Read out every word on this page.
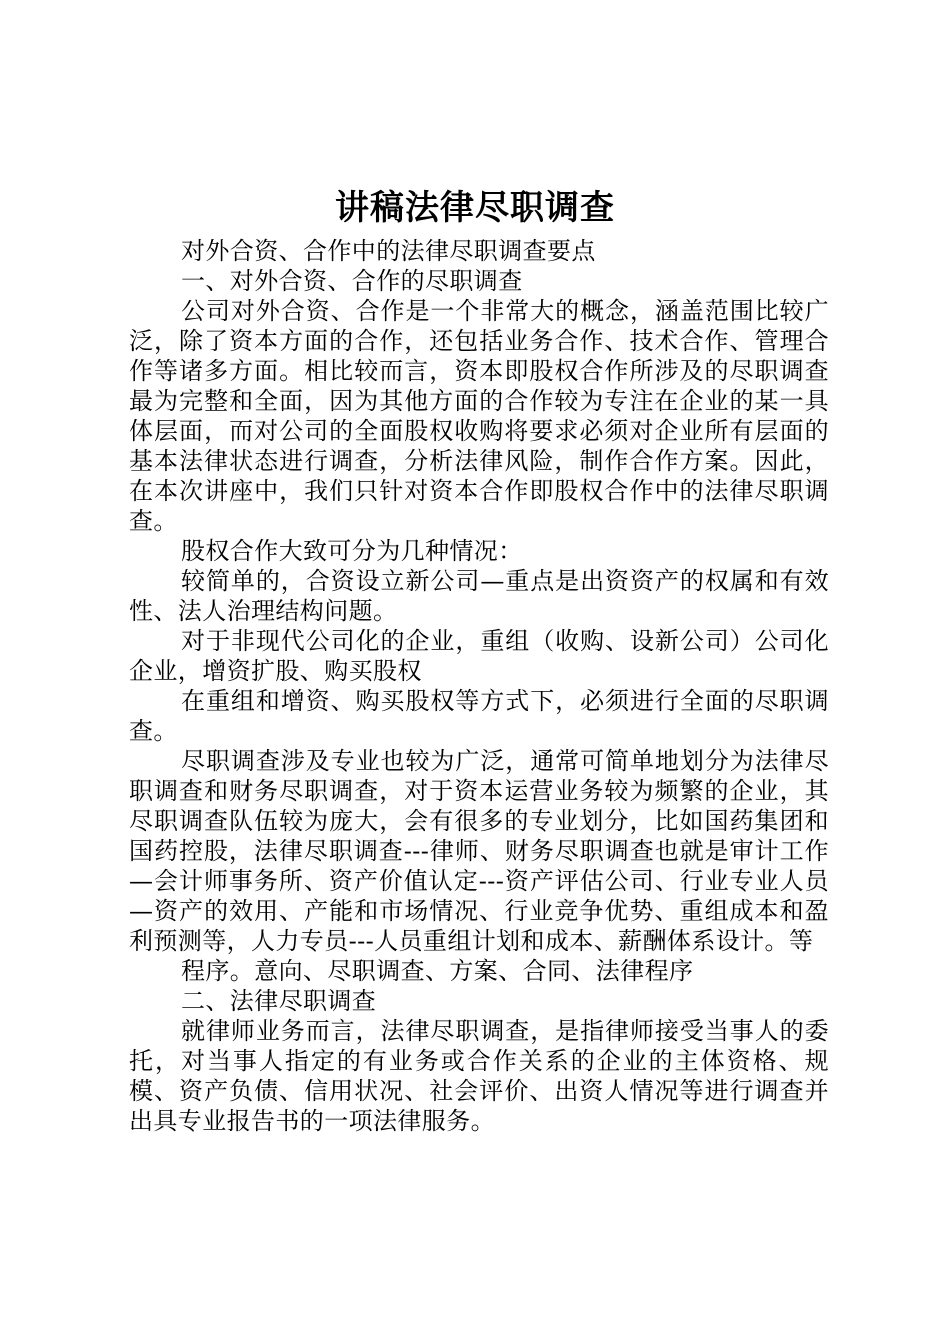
讲稿法律尽职调查

对外合资、合作中的法律尽职调查要点

一、对外合资、合作的尽职调查

公司对外合资、合作是一个非常大的概念，涵盖范围比较广泛，除了资本方面的合作，还包括业务合作、技术合作、管理合作等诸多方面。相比较而言，资本即股权合作所涉及的尽职调查最为完整和全面，因为其他方面的合作较为专注在企业的某一具体层面，而对公司的全面股权收购将要求必须对企业所有层面的基本法律状态进行调查，分析法律风险，制作合作方案。因此，在本次讲座中，我们只针对资本合作即股权合作中的法律尽职调查。

股权合作大致可分为几种情况：

较简单的，合资设立新公司—重点是出资资产的权属和有效性、法人治理结构问题。

对于非现代公司化的企业，重组（收购、设新公司）公司化企业，增资扩股、购买股权

在重组和增资、购买股权等方式下，必须进行全面的尽职调查。

尽职调查涉及专业也较为广泛，通常可简单地划分为法律尽职调查和财务尽职调查，对于资本运营业务较为频繁的企业，其尽职调查队伍较为庞大，会有很多的专业划分，比如国药集团和国药控股，法律尽职调查---律师、财务尽职调查也就是审计工作—会计师事务所、资产价值认定---资产评估公司、行业专业人员—资产的效用、产能和市场情况、行业竞争优势、重组成本和盈利预测等，人力专员---人员重组计划和成本、薪酬体系设计。等

程序。意向、尽职调查、方案、合同、法律程序

二、法律尽职调查

就律师业务而言，法律尽职调查，是指律师接受当事人的委托，对当事人指定的有业务或合作关系的企业的主体资格、规模、资产负债、信用状况、社会评价、出资人情况等进行调查并出具专业报告书的一项法律服务。
